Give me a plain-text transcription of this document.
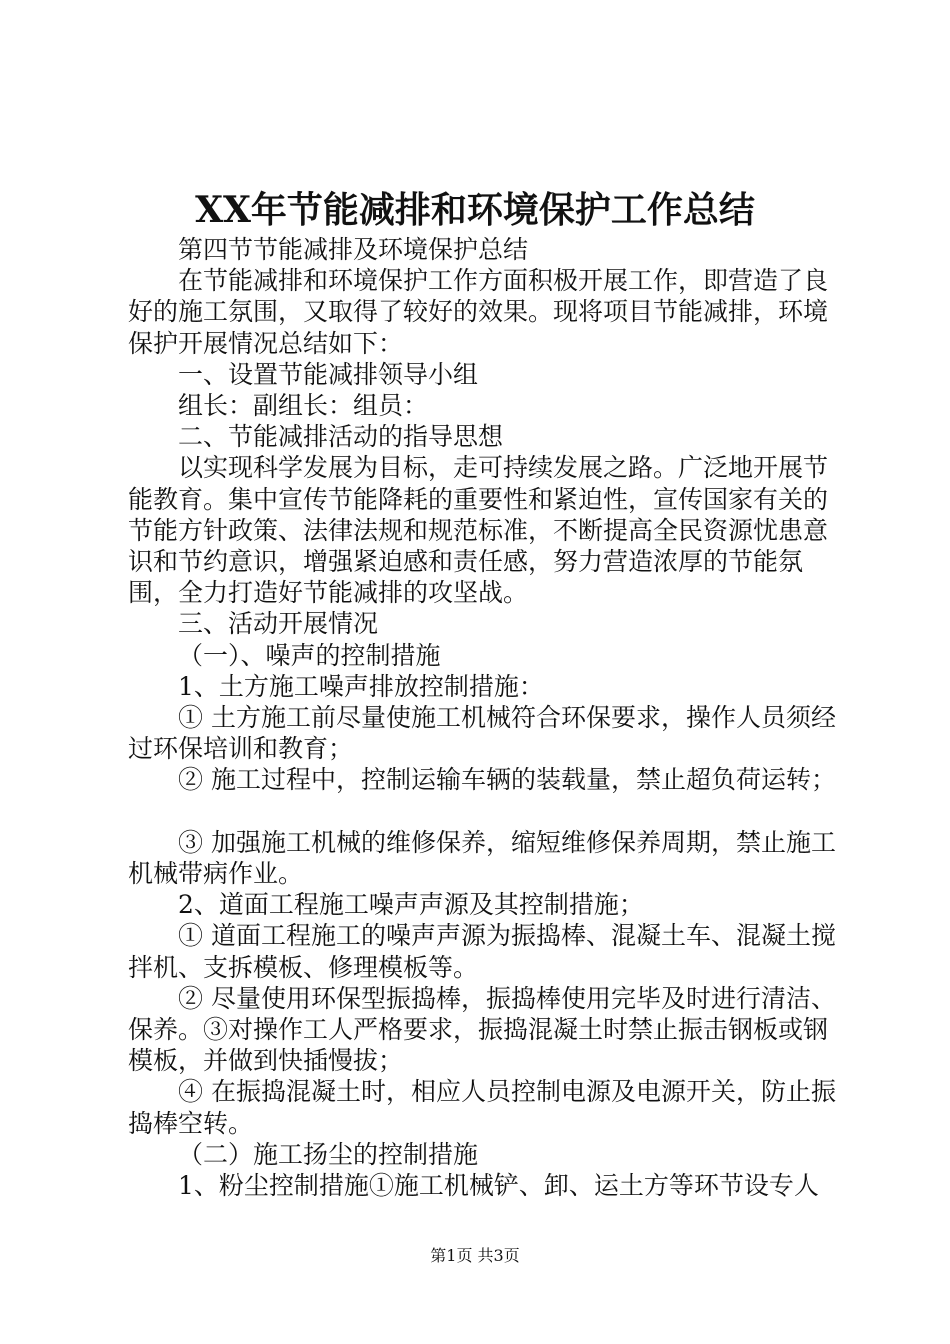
XX年节能减排和环境保护工作总结

第四节节能减排及环境保护总结

在节能减排和环境保护工作方面积极开展工作，即营造了良好的施工氛围，又取得了较好的效果。现将项目节能减排，环境保护开展情况总结如下：

一、设置节能减排领导小组

组长：副组长：组员：

二、节能减排活动的指导思想

以实现科学发展为目标，走可持续发展之路。广泛地开展节能教育。集中宣传节能降耗的重要性和紧迫性，宣传国家有关的节能方针政策、法律法规和规范标准，不断提高全民资源忧患意识和节约意识，增强紧迫感和责任感，努力营造浓厚的节能氛围，全力打造好节能减排的攻坚战。

三、活动开展情况

（一）、噪声的控制措施

1、土方施工噪声排放控制措施：

① 土方施工前尽量使施工机械符合环保要求，操作人员须经过环保培训和教育；

② 施工过程中，控制运输车辆的装载量，禁止超负荷运转；

③ 加强施工机械的维修保养，缩短维修保养周期，禁止施工机械带病作业。

2、道面工程施工噪声声源及其控制措施；

① 道面工程施工的噪声声源为振捣棒、混凝土车、混凝土搅拌机、支拆模板、修理模板等。

② 尽量使用环保型振捣棒，振捣棒使用完毕及时进行清洁、保养。③对操作工人严格要求，振捣混凝土时禁止振击钢板或钢模板，并做到快插慢拔；

④ 在振捣混凝土时，相应人员控制电源及电源开关，防止振捣棒空转。

（二）施工扬尘的控制措施

1、粉尘控制措施①施工机械铲、卸、运土方等环节设专人

第1页 共3页
